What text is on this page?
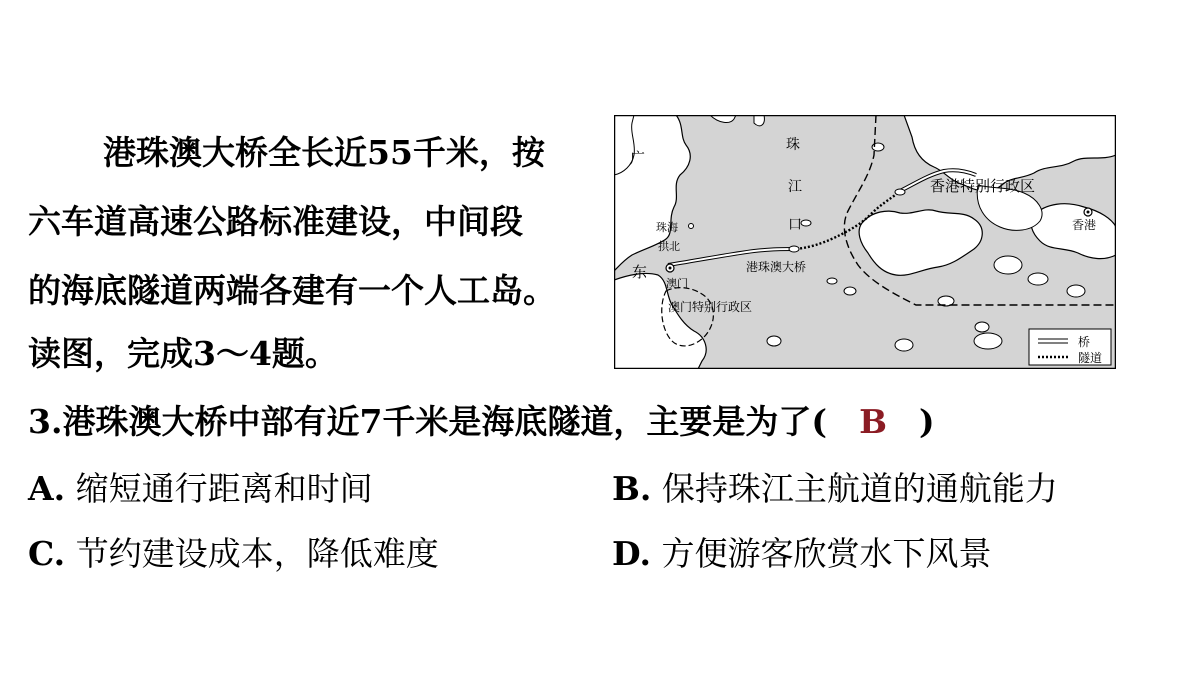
港珠澳大桥全长近55千米，按
六车道高速公路标准建设，中间段
的海底隧道两端各建有一个人工岛。
读图，完成3～4题。
3.港珠澳大桥中部有近7千米是海底隧道，主要是为了( B )
A. 缩短通行距离和时间	B. 保持珠江主航道的通航能力
C. 节约建设成本，降低难度	D. 方便游客欣赏水下风景
广
东
珠
江
口
香港特别行政区
香港
珠海
拱北
澳门
澳门特别行政区
港珠澳大桥
桥
隧道
